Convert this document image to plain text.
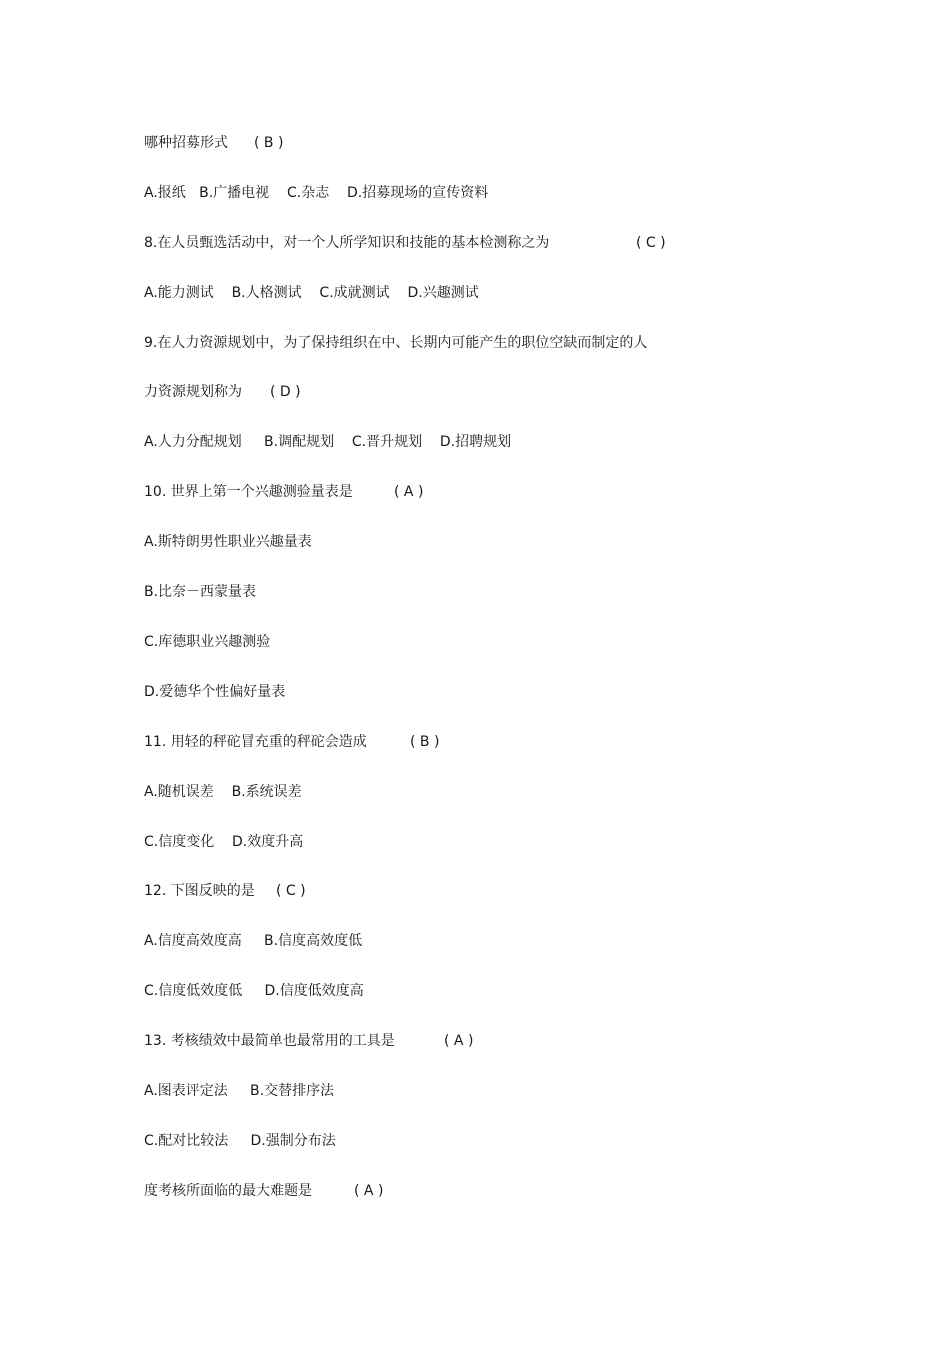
哪种招募形式 ( B )
A.报纸   B.广播电视    C.杂志    D.招募现场的宣传资料
8.在人员甄选活动中，对一个人所学知识和技能的基本检测称之为	( C )
A.能力测试    B.人格测试    C.成就测试    D.兴趣测试
9.在人力资源规划中，为了保持组织在中、长期内可能产生的职位空缺而制定的人
力资源规划称为 ( D )
A.人力分配规划     B.调配规划    C.晋升规划    D.招聘规划
10. 世界上第一个兴趣测验量表是	( A )
A.斯特朗男性职业兴趣量表
B.比奈－西蒙量表
C.库德职业兴趣测验
D.爱德华个性偏好量表
11. 用轻的秤砣冒充重的秤砣会造成	( B )
A.随机误差    B.系统误差
C.信度变化    D.效度升高
12. 下图反映的是 ( C )
A.信度高效度高     B.信度高效度低
C.信度低效度低     D.信度低效度高
13. 考核绩效中最简单也最常用的工具是	( A )
A.图表评定法     B.交替排序法
C.配对比较法     D.强制分布法
度考核所面临的最大难题是	( A )
